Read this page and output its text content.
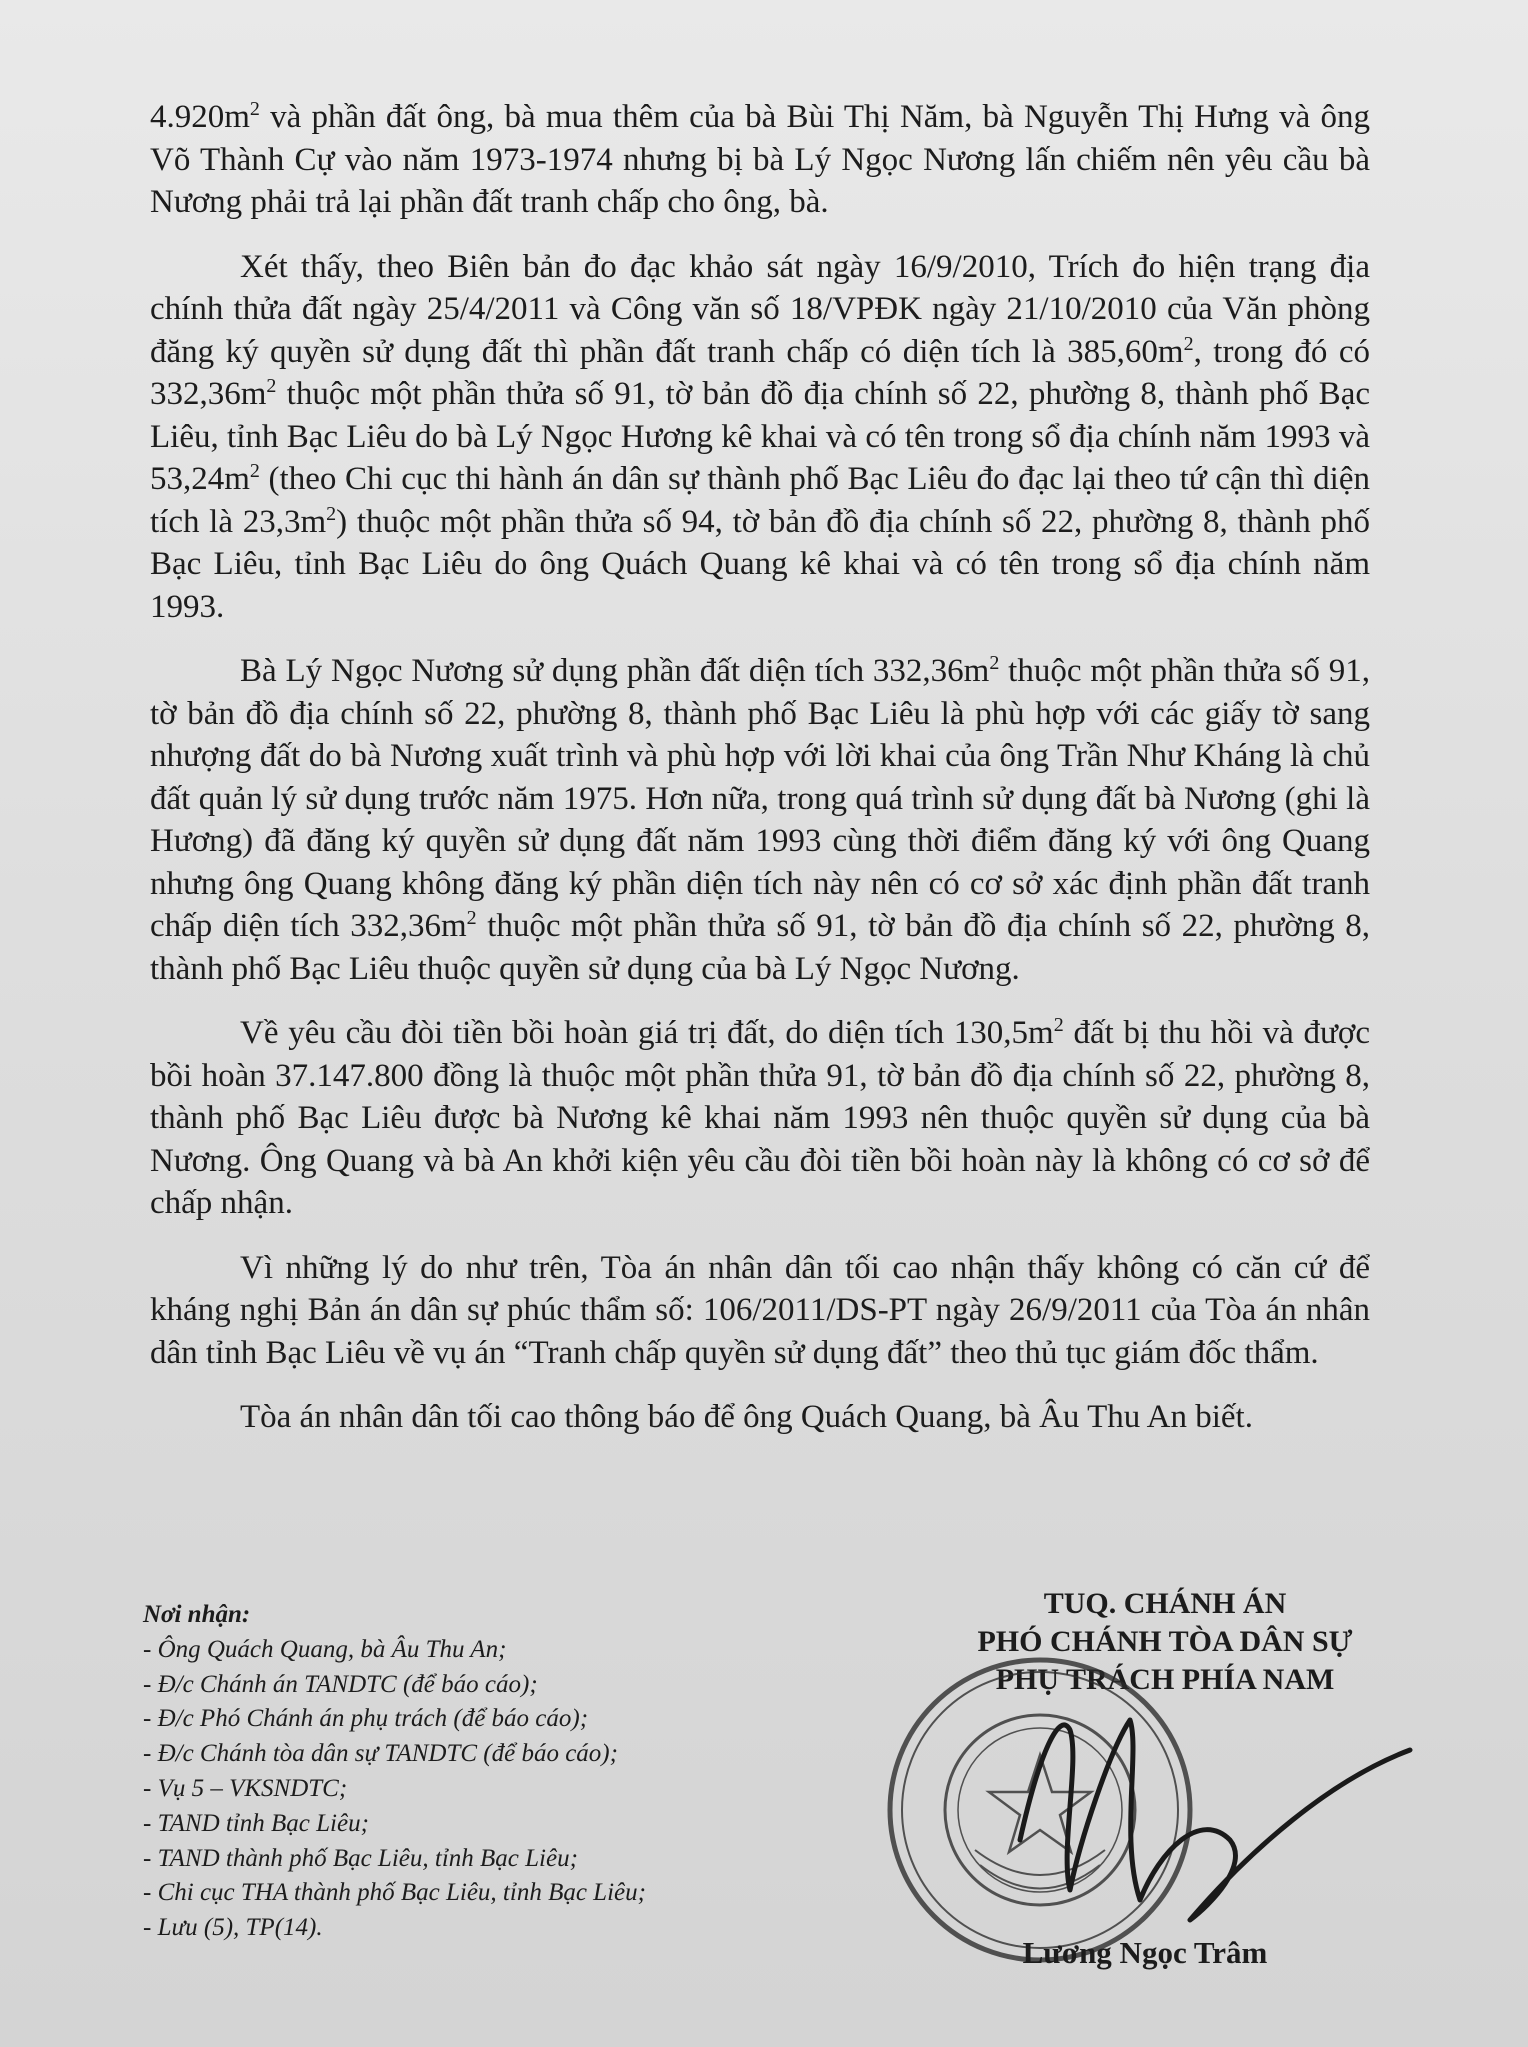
$4.920m^2$ và phần đất ông, bà mua thêm của bà Bùi Thị Năm, bà Nguyễn Thị Hưng và ông Võ Thành Cự vào năm 1973-1974 nhưng bị bà Lý Ngọc Nương lấn chiếm nên yêu cầu bà Nương phải trả lại phần đất tranh chấp cho ông, bà.

Xét thấy, theo Biên bản đo đạc khảo sát ngày 16/9/2010, Trích đo hiện trạng địa chính thửa đất ngày 25/4/2011 và Công văn số 18/VPĐK ngày 21/10/2010 của Văn phòng đăng ký quyền sử dụng đất thì phần đất tranh chấp có diện tích là $385,60m^2$, trong đó có $332,36m^2$ thuộc một phần thửa số 91, tờ bản đồ địa chính số 22, phường 8, thành phố Bạc Liêu, tỉnh Bạc Liêu do bà Lý Ngọc Hương kê khai và có tên trong sổ địa chính năm 1993 và $53,24m^2$ (theo Chi cục thi hành án dân sự thành phố Bạc Liêu đo đạc lại theo tứ cận thì diện tích là $23,3m^2$) thuộc một phần thửa số 94, tờ bản đồ địa chính số 22, phường 8, thành phố Bạc Liêu, tỉnh Bạc Liêu do ông Quách Quang kê khai và có tên trong sổ địa chính năm 1993.

Bà Lý Ngọc Nương sử dụng phần đất diện tích $332,36m^2$ thuộc một phần thửa số 91, tờ bản đồ địa chính số 22, phường 8, thành phố Bạc Liêu là phù hợp với các giấy tờ sang nhượng đất do bà Nương xuất trình và phù hợp với lời khai của ông Trần Như Kháng là chủ đất quản lý sử dụng trước năm 1975. Hơn nữa, trong quá trình sử dụng đất bà Nương (ghi là Hương) đã đăng ký quyền sử dụng đất năm 1993 cùng thời điểm đăng ký với ông Quang nhưng ông Quang không đăng ký phần diện tích này nên có cơ sở xác định phần đất tranh chấp diện tích $332,36m^2$ thuộc một phần thửa số 91, tờ bản đồ địa chính số 22, phường 8, thành phố Bạc Liêu thuộc quyền sử dụng của bà Lý Ngọc Nương.

Về yêu cầu đòi tiền bồi hoàn giá trị đất, do diện tích $130,5m^2$ đất bị thu hồi và được bồi hoàn 37.147.800 đồng là thuộc một phần thửa 91, tờ bản đồ địa chính số 22, phường 8, thành phố Bạc Liêu được bà Nương kê khai năm 1993 nên thuộc quyền sử dụng của bà Nương. Ông Quang và bà An khởi kiện yêu cầu đòi tiền bồi hoàn này là không có cơ sở để chấp nhận.

Vì những lý do như trên, Tòa án nhân dân tối cao nhận thấy không có căn cứ để kháng nghị Bản án dân sự phúc thẩm số: 106/2011/DS-PT ngày 26/9/2011 của Tòa án nhân dân tỉnh Bạc Liêu về vụ án “Tranh chấp quyền sử dụng đất” theo thủ tục giám đốc thẩm.

Tòa án nhân dân tối cao thông báo để ông Quách Quang, bà Âu Thu An biết.

Nơi nhận:
- Ông Quách Quang, bà Âu Thu An;
- Đ/c Chánh án TANDTC (để báo cáo);
- Đ/c Phó Chánh án phụ trách (để báo cáo);
- Đ/c Chánh tòa dân sự TANDTC (để báo cáo);
- Vụ 5 – VKSNDTC;
- TAND tỉnh Bạc Liêu;
- TAND thành phố Bạc Liêu, tỉnh Bạc Liêu;
- Chi cục THA thành phố Bạc Liêu, tỉnh Bạc Liêu;
- Lưu (5), TP(14).
TUQ. CHÁNH ÁN
PHÓ CHÁNH TÒA DÂN SỰ
PHỤ TRÁCH PHÍA NAM
Lương Ngọc Trâm
